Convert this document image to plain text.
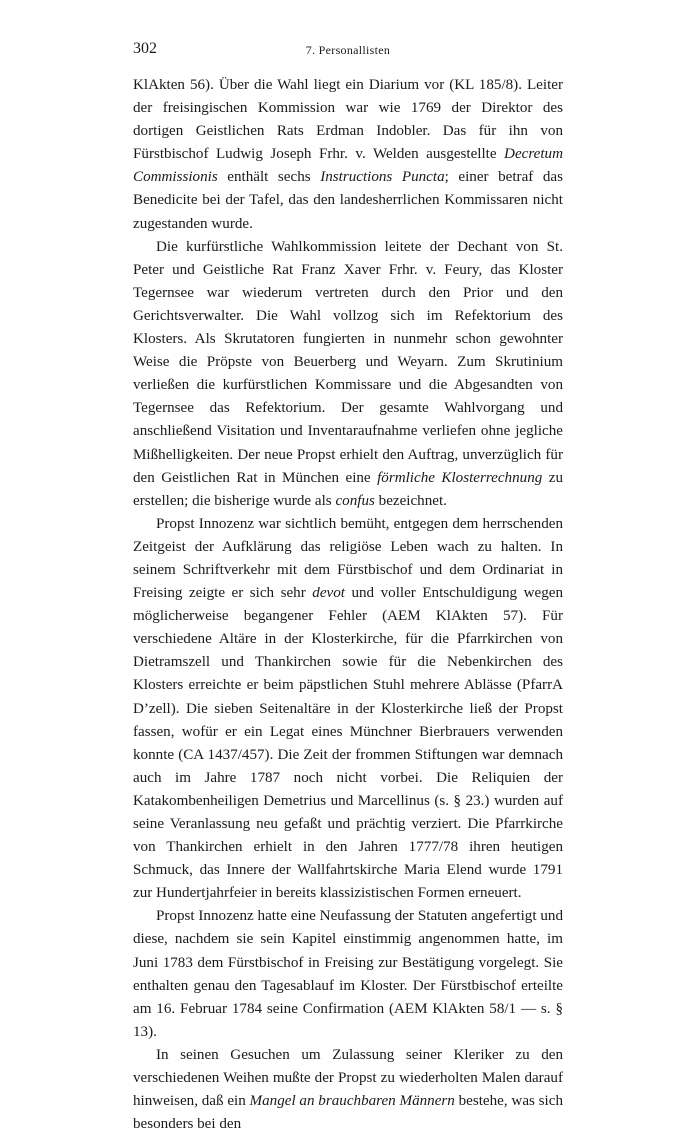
302	7. Personallisten

KlAkten 56). Über die Wahl liegt ein Diarium vor (KL 185/8). Leiter der freisingischen Kommission war wie 1769 der Direktor des dortigen Geistlichen Rats Erdman Indobler. Das für ihn von Fürstbischof Ludwig Joseph Frhr. v. Welden ausgestellte Decretum Commissionis enthält sechs Instructions Puncta; einer betraf das Benedicite bei der Tafel, das den landesherrlichen Kommissaren nicht zugestanden wurde.

Die kurfürstliche Wahlkommission leitete der Dechant von St. Peter und Geistliche Rat Franz Xaver Frhr. v. Feury, das Kloster Tegernsee war wiederum vertreten durch den Prior und den Gerichtsverwalter. Die Wahl vollzog sich im Refektorium des Klosters. Als Skrutatoren fungierten in nunmehr schon gewohnter Weise die Pröpste von Beuerberg und Weyarn. Zum Skrutinium verließen die kurfürstlichen Kommissare und die Abgesandten von Tegernsee das Refektorium. Der gesamte Wahlvorgang und anschließend Visitation und Inventaraufnahme verliefen ohne jegliche Mißhelligkeiten. Der neue Propst erhielt den Auftrag, unverzüglich für den Geistlichen Rat in München eine förmliche Klosterrechnung zu erstellen; die bisherige wurde als confus bezeichnet.

Propst Innozenz war sichtlich bemüht, entgegen dem herrschenden Zeitgeist der Aufklärung das religiöse Leben wach zu halten. In seinem Schriftverkehr mit dem Fürstbischof und dem Ordinariat in Freising zeigte er sich sehr devot und voller Entschuldigung wegen möglicherweise begangener Fehler (AEM KlAkten 57). Für verschiedene Altäre in der Klosterkirche, für die Pfarrkirchen von Dietramszell und Thankirchen sowie für die Nebenkirchen des Klosters erreichte er beim päpstlichen Stuhl mehrere Ablässe (PfarrA D’zell). Die sieben Seitenaltäre in der Klosterkirche ließ der Propst fassen, wofür er ein Legat eines Münchner Bierbrauers verwenden konnte (CA 1437/457). Die Zeit der frommen Stiftungen war demnach auch im Jahre 1787 noch nicht vorbei. Die Reliquien der Katakombenheiligen Demetrius und Marcellinus (s. § 23.) wurden auf seine Veranlassung neu gefaßt und prächtig verziert. Die Pfarrkirche von Thankirchen erhielt in den Jahren 1777/78 ihren heutigen Schmuck, das Innere der Wallfahrtskirche Maria Elend wurde 1791 zur Hundertjahrfeier in bereits klassizistischen Formen erneuert.

Propst Innozenz hatte eine Neufassung der Statuten angefertigt und diese, nachdem sie sein Kapitel einstimmig angenommen hatte, im Juni 1783 dem Fürstbischof in Freising zur Bestätigung vorgelegt. Sie enthalten genau den Tagesablauf im Kloster. Der Fürstbischof erteilte am 16. Februar 1784 seine Confirmation (AEM KlAkten 58/1 — s. § 13).

In seinen Gesuchen um Zulassung seiner Kleriker zu den verschiedenen Weihen mußte der Propst zu wiederholten Malen darauf hinweisen, daß ein Mangel an brauchbaren Männern bestehe, was sich besonders bei den
